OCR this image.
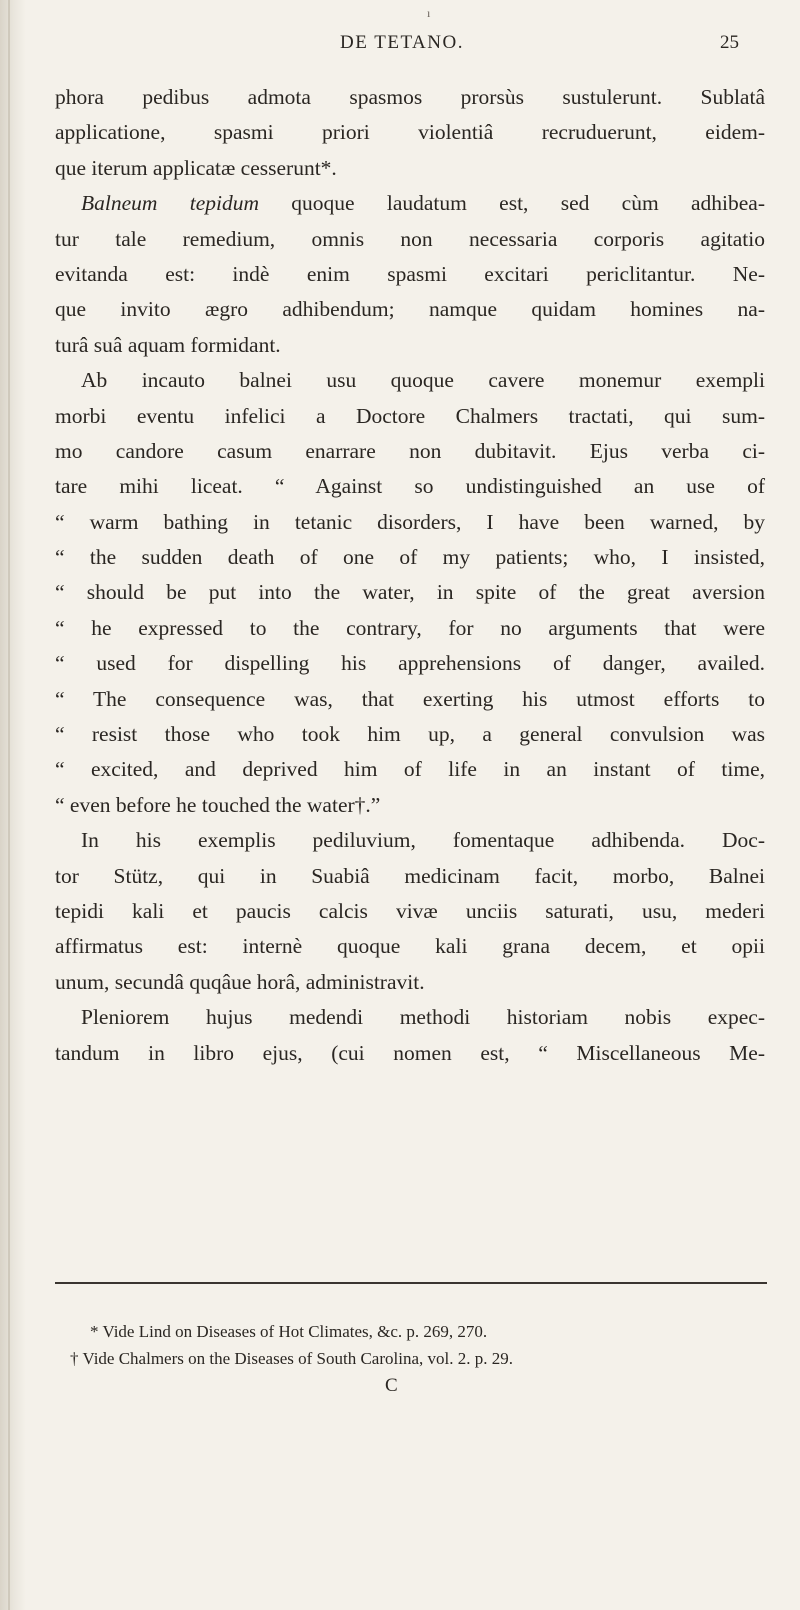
ı
DE TETANO.	25
phora pedibus admota spasmos prorsùs sustulerunt. Sublatâ
applicatione, spasmi priori violentiâ recruduerunt, eidem-
que iterum applicatæ cesserunt*.
Balneum tepidum quoque laudatum est, sed cùm adhibea-
tur tale remedium, omnis non necessaria corporis agitatio
evitanda est: indè enim spasmi excitari periclitantur. Ne-
que invito ægro adhibendum; namque quidam homines na-
turâ suâ aquam formidant.
Ab incauto balnei usu quoque cavere monemur exempli
morbi eventu infelici a Doctore Chalmers tractati, qui sum-
mo candore casum enarrare non dubitavit. Ejus verba ci-
tare mihi liceat. “ Against so undistinguished an use of
“ warm bathing in tetanic disorders, I have been warned, by
“ the sudden death of one of my patients; who, I insisted,
“ should be put into the water, in spite of the great aversion
“ he expressed to the contrary, for no arguments that were
“ used for dispelling his apprehensions of danger, availed.
“ The consequence was, that exerting his utmost efforts to
“ resist those who took him up, a general convulsion was
“ excited, and deprived him of life in an instant of time,
“ even before he touched the water†.”
In his exemplis pediluvium, fomentaque adhibenda. Doc-
tor Stütz, qui in Suabiâ medicinam facit, morbo, Balnei
tepidi kali et paucis calcis vivæ unciis saturati, usu, mederi
affirmatus est: internè quoque kali grana decem, et opii
unum, secundâ quqâue horâ, administravit.
Pleniorem hujus medendi methodi historiam nobis expec-
tandum in libro ejus, (cui nomen est, “ Miscellaneous Me-
* Vide Lind on Diseases of Hot Climates, &c. p. 269, 270.
† Vide Chalmers on the Diseases of South Carolina, vol. 2. p. 29.
C
